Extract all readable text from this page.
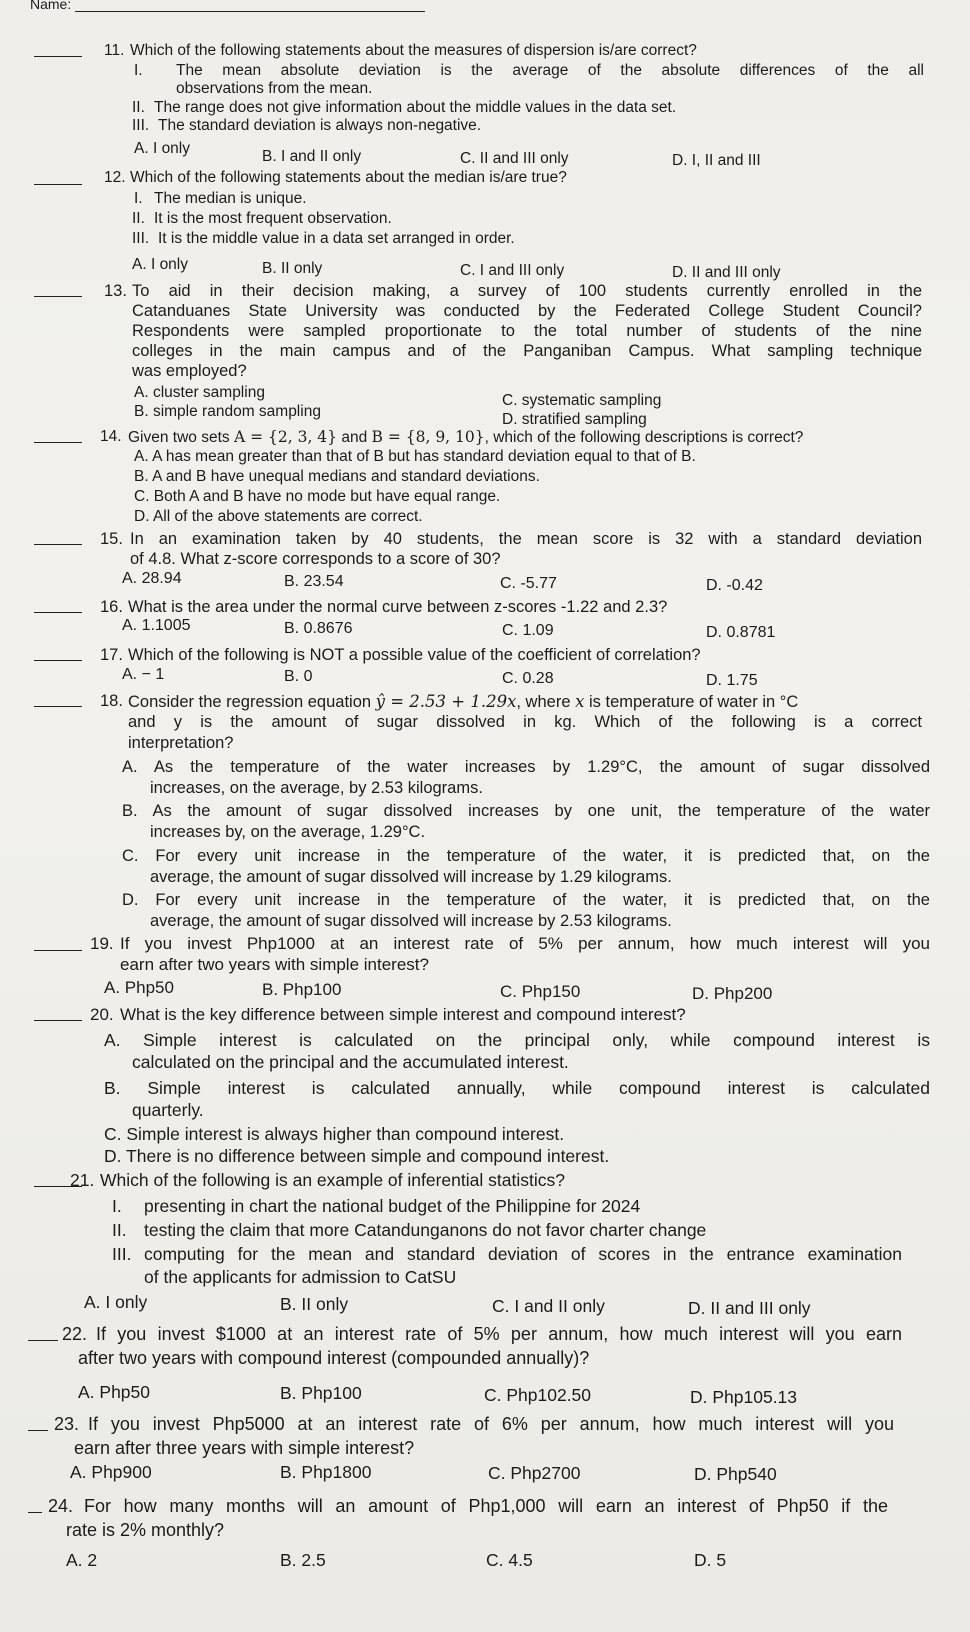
Name:
11. Which of the following statements about the measures of dispersion is/are correct?
I. The mean absolute deviation is the average of the absolute differences of the all
observations from the mean.
II. The range does not give information about the middle values in the data set.
III. The standard deviation is always non-negative.
A. I only	B. I and II only	C. II and III only	D. I, II and III
12. Which of the following statements about the median is/are true?
I. The median is unique.
II. It is the most frequent observation.
III. It is the middle value in a data set arranged in order.
A. I only	B. II only	C. I and III only	D. II and III only
13. To aid in their decision making, a survey of 100 students currently enrolled in the
Catanduanes State University was conducted by the Federated College Student Council?
Respondents were sampled proportionate to the total number of students of the nine
colleges in the main campus and of the Panganiban Campus. What sampling technique
was employed?
A. cluster sampling	C. systematic sampling
B. simple random sampling	D. stratified sampling
14. Given two sets A = {2, 3, 4} and B = {8, 9, 10}, which of the following descriptions is correct?
A. A has mean greater than that of B but has standard deviation equal to that of B.
B. A and B have unequal medians and standard deviations.
C. Both A and B have no mode but have equal range.
D. All of the above statements are correct.
15. In an examination taken by 40 students, the mean score is 32 with a standard deviation
of 4.8. What z-score corresponds to a score of 30?
A. 28.94	B. 23.54	C. -5.77	D. -0.42
16. What is the area under the normal curve between z-scores -1.22 and 2.3?
A. 1.1005	B. 0.8676	C. 1.09	D. 0.8781
17. Which of the following is NOT a possible value of the coefficient of correlation?
A. − 1	B. 0	C. 0.28	D. 1.75
18. Consider the regression equation ŷ = 2.53 + 1.29x, where x is temperature of water in °C
and y is the amount of sugar dissolved in kg. Which of the following is a correct
interpretation?
A. As the temperature of the water increases by 1.29°C, the amount of sugar dissolved
increases, on the average, by 2.53 kilograms.
B. As the amount of sugar dissolved increases by one unit, the temperature of the water
increases by, on the average, 1.29°C.
C. For every unit increase in the temperature of the water, it is predicted that, on the
average, the amount of sugar dissolved will increase by 1.29 kilograms.
D. For every unit increase in the temperature of the water, it is predicted that, on the
average, the amount of sugar dissolved will increase by 2.53 kilograms.
19. If you invest Php1000 at an interest rate of 5% per annum, how much interest will you
earn after two years with simple interest?
A. Php50	B. Php100	C. Php150	D. Php200
20. What is the key difference between simple interest and compound interest?
A. Simple interest is calculated on the principal only, while compound interest is
calculated on the principal and the accumulated interest.
B. Simple interest is calculated annually, while compound interest is calculated
quarterly.
C. Simple interest is always higher than compound interest.
D. There is no difference between simple and compound interest.
21. Which of the following is an example of inferential statistics?
I. presenting in chart the national budget of the Philippine for 2024
II. testing the claim that more Catandunganons do not favor charter change
III. computing for the mean and standard deviation of scores in the entrance examination
of the applicants for admission to CatSU
A. I only	B. II only	C. I and II only	D. II and III only
22. If you invest $1000 at an interest rate of 5% per annum, how much interest will you earn
after two years with compound interest (compounded annually)?
A. Php50	B. Php100	C. Php102.50	D. Php105.13
23. If you invest Php5000 at an interest rate of 6% per annum, how much interest will you
earn after three years with simple interest?
A. Php900	B. Php1800	C. Php2700	D. Php540
24. For how many months will an amount of Php1,000 will earn an interest of Php50 if the
rate is 2% monthly?
A. 2	B. 2.5	C. 4.5	D. 5
